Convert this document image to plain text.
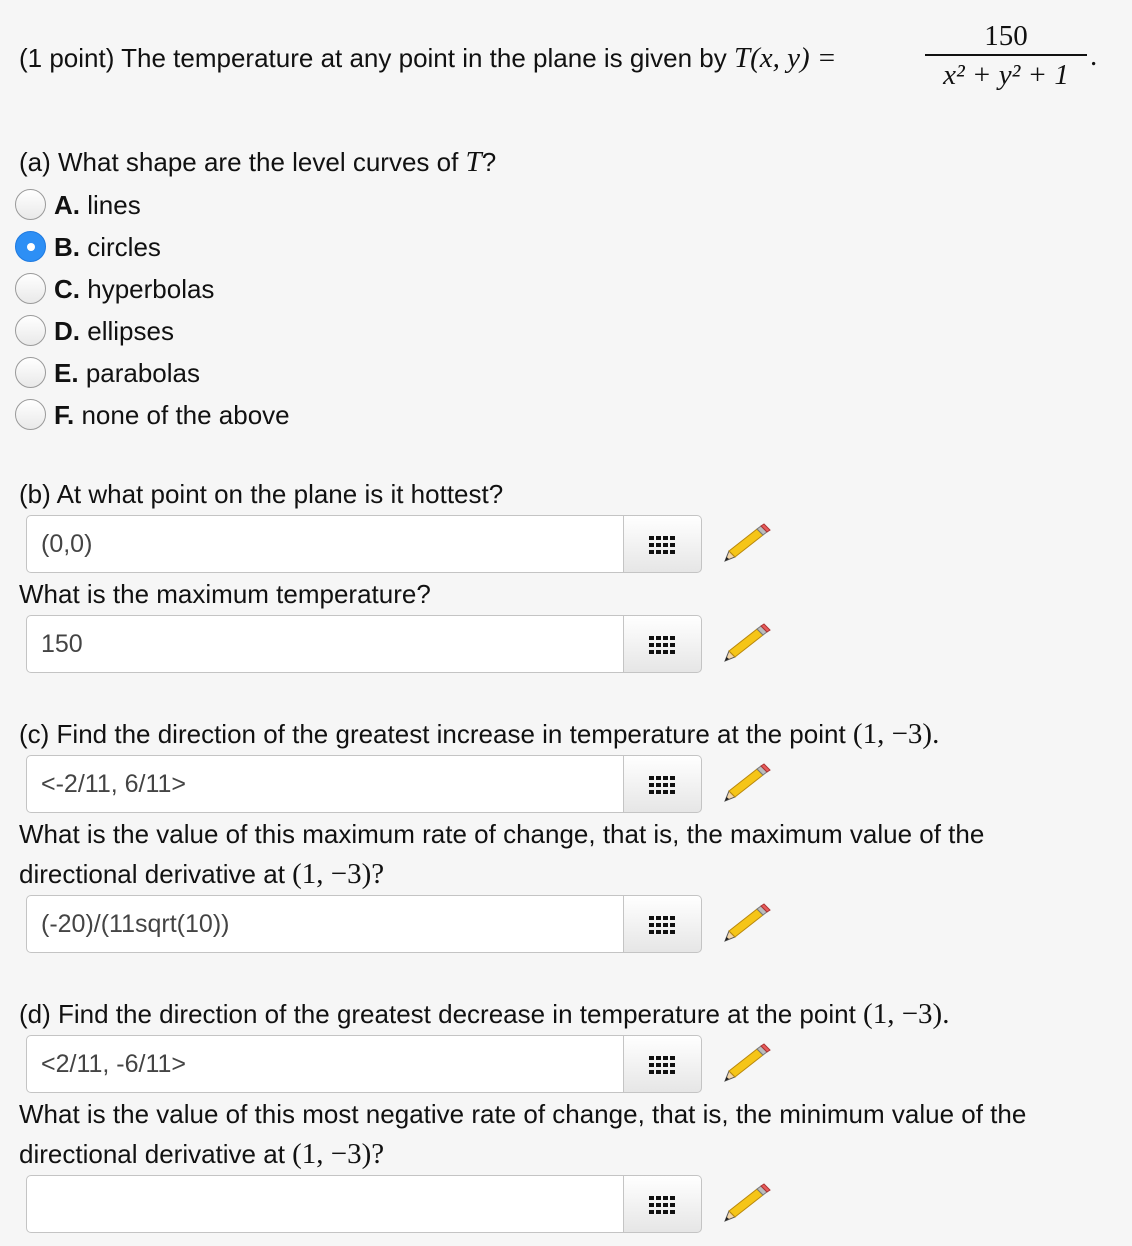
(1 point) The temperature at any point in the plane is given by T(x, y) =
150
x² + y² + 1
.
(a) What shape are the level curves of T?
A. lines
B. circles
C. hyperbolas
D. ellipses
E. parabolas
F. none of the above
(b) At what point on the plane is it hottest?
(0,0)
What is the maximum temperature?
150
(c) Find the direction of the greatest increase in temperature at the point (1, −3).
<-2/11, 6/11>
What is the value of this maximum rate of change, that is, the maximum value of the
directional derivative at (1, −3)?
(-20)/(11sqrt(10))
(d) Find the direction of the greatest decrease in temperature at the point (1, −3).
<2/11, -6/11>
What is the value of this most negative rate of change, that is, the minimum value of the
directional derivative at (1, −3)?
